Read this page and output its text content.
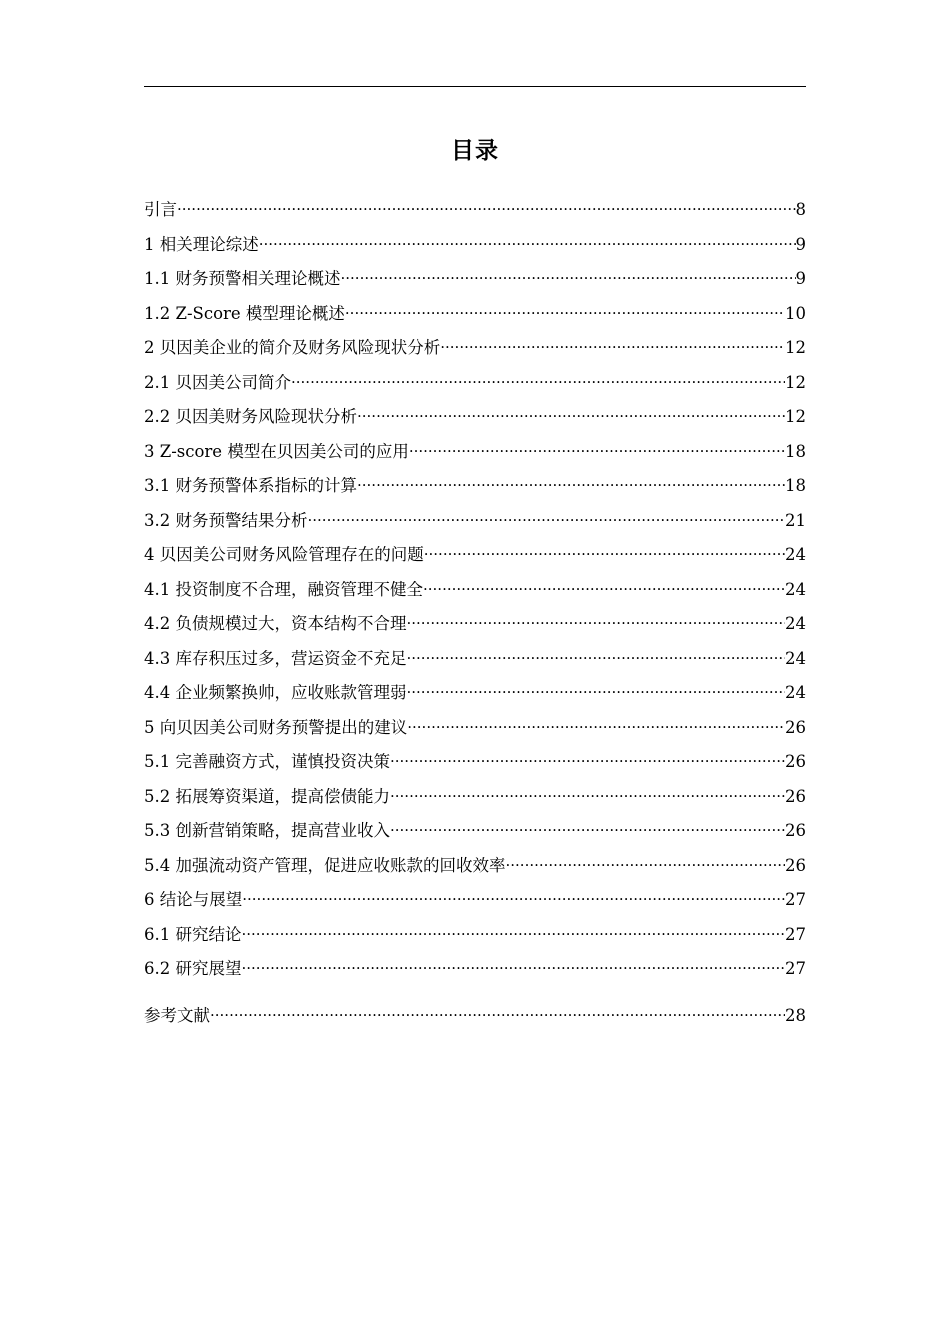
目录
引言 .....	8
1 相关理论综述 .....	9
1.1 财务预警相关理论概述 .....	9
1.2 Z-Score 模型理论概述 .....	10
2 贝因美企业的简介及财务风险现状分析 .....	12
2.1 贝因美公司简介 .....	12
2.2 贝因美财务风险现状分析 .....	12
3 Z-score 模型在贝因美公司的应用 .....	18
3.1 财务预警体系指标的计算 .....	18
3.2 财务预警结果分析 .....	21
4 贝因美公司财务风险管理存在的问题 .....	24
4.1 投资制度不合理，融资管理不健全 .....	24
4.2 负债规模过大，资本结构不合理 .....	24
4.3 库存积压过多，营运资金不充足 .....	24
4.4 企业频繁换帅，应收账款管理弱 .....	24
5 向贝因美公司财务预警提出的建议 .....	26
5.1 完善融资方式，谨慎投资决策 .....	26
5.2 拓展筹资渠道，提高偿债能力 .....	26
5.3 创新营销策略，提高营业收入 .....	26
5.4 加强流动资产管理，促进应收账款的回收效率 .....	26
6 结论与展望 .....	27
6.1 研究结论 .....	27
6.2 研究展望 .....	27
参考文献 .....	28
